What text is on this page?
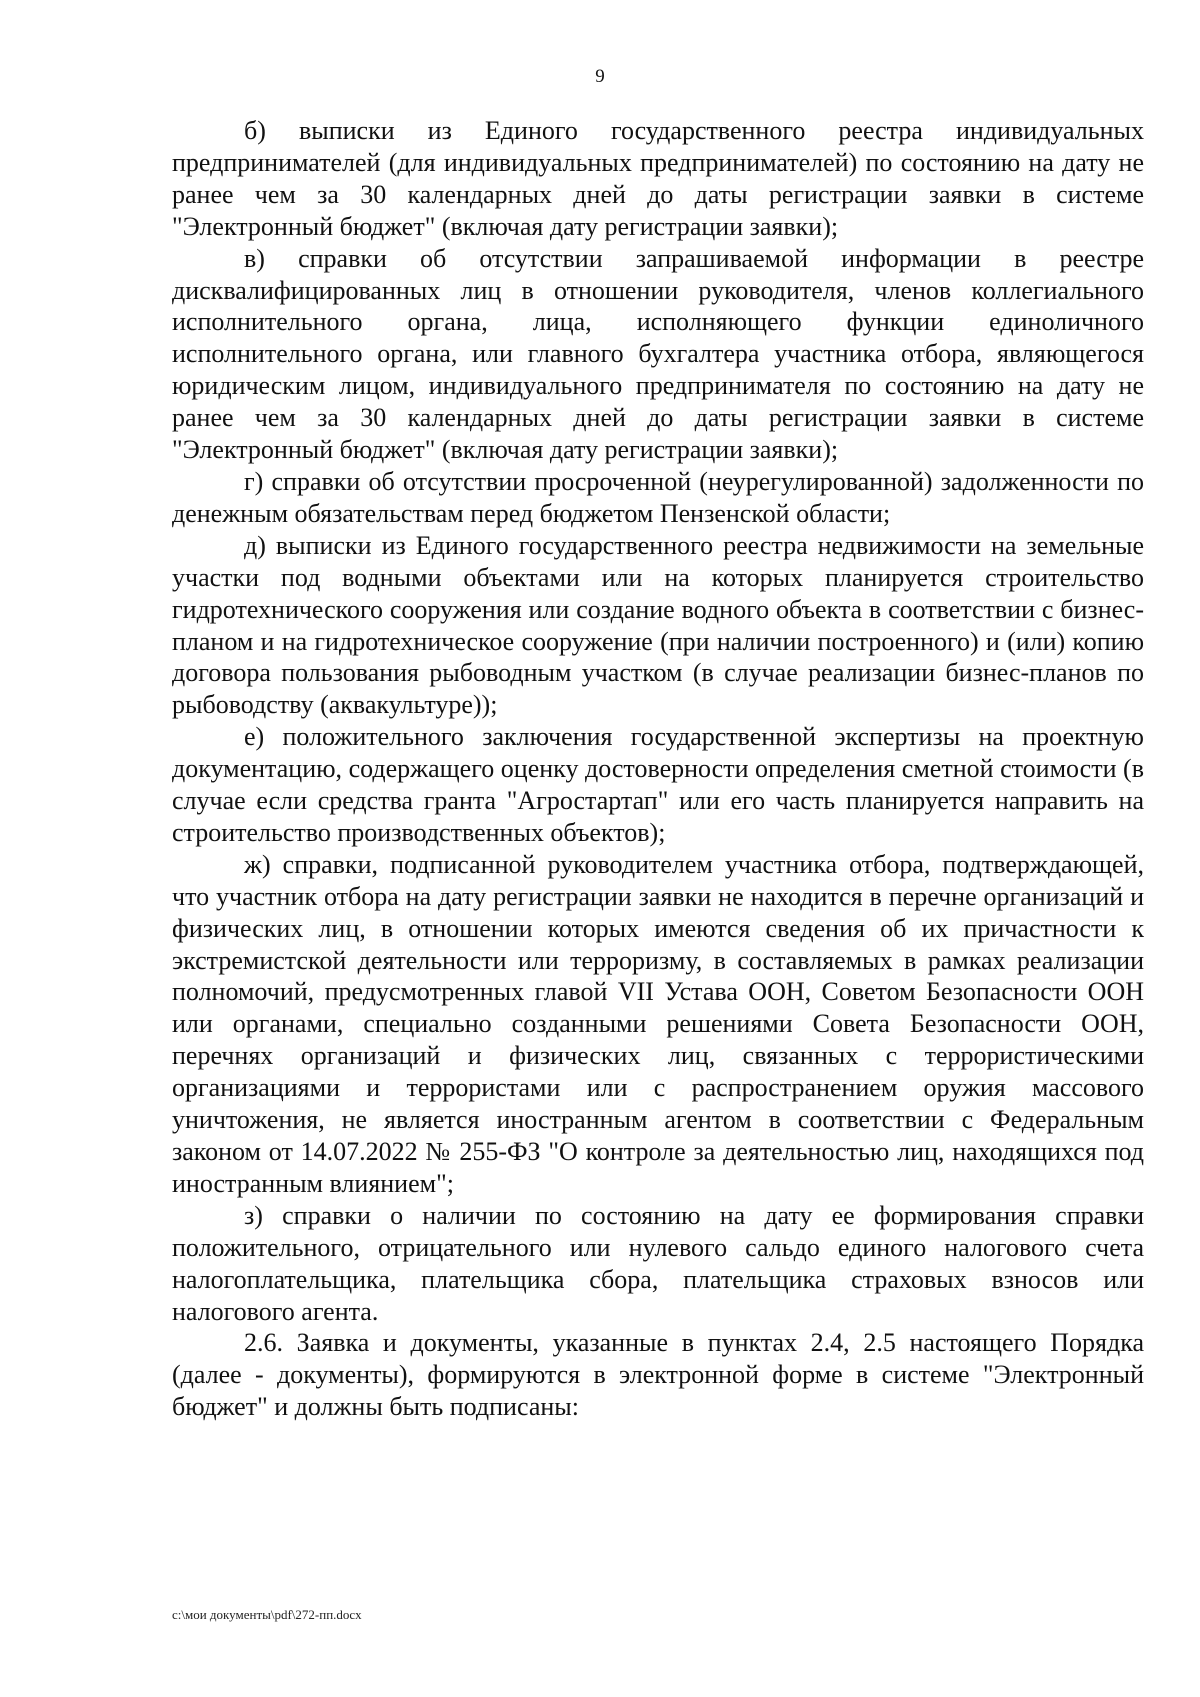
9

б) выписки из Единого государственного реестра индивидуальных предпринимателей (для индивидуальных предпринимателей) по состоянию на дату не ранее чем за 30 календарных дней до даты регистрации заявки в системе "Электронный бюджет" (включая дату регистрации заявки);

в) справки об отсутствии запрашиваемой информации в реестре дисквалифицированных лиц в отношении руководителя, членов коллегиального исполнительного органа, лица, исполняющего функции единоличного исполнительного органа, или главного бухгалтера участника отбора, являющегося юридическим лицом, индивидуального предпринимателя по состоянию на дату не ранее чем за 30 календарных дней до даты регистрации заявки в системе "Электронный бюджет" (включая дату регистрации заявки);

г) справки об отсутствии просроченной (неурегулированной) задолженности по денежным обязательствам перед бюджетом Пензенской области;

д) выписки из Единого государственного реестра недвижимости на земельные участки под водными объектами или на которых планируется строительство гидротехнического сооружения или создание водного объекта в соответствии с бизнес-планом и на гидротехническое сооружение (при наличии построенного) и (или) копию договора пользования рыбоводным участком (в случае реализации бизнес-планов по рыбоводству (аквакультуре));

е) положительного заключения государственной экспертизы на проектную документацию, содержащего оценку достоверности определения сметной стоимости (в случае если средства гранта "Агростартап" или его часть планируется направить на строительство производственных объектов);

ж) справки, подписанной руководителем участника отбора, подтверждающей, что участник отбора на дату регистрации заявки не находится в перечне организаций и физических лиц, в отношении которых имеются сведения об их причастности к экстремистской деятельности или терроризму, в составляемых в рамках реализации полномочий, предусмотренных главой VII Устава ООН, Советом Безопасности ООН или органами, специально созданными решениями Совета Безопасности ООН, перечнях организаций и физических лиц, связанных с террористическими организациями и террористами или с распространением оружия массового уничтожения, не является иностранным агентом в соответствии с Федеральным законом от 14.07.2022 № 255-ФЗ "О контроле за деятельностью лиц, находящихся под иностранным влиянием";

з) справки о наличии по состоянию на дату ее формирования справки положительного, отрицательного или нулевого сальдо единого налогового счета налогоплательщика, плательщика сбора, плательщика страховых взносов или налогового агента.

2.6. Заявка и документы, указанные в пунктах 2.4, 2.5 настоящего Порядка (далее - документы), формируются в электронной форме в системе "Электронный бюджет" и должны быть подписаны:

c:\мои документы\pdf\272-пп.docx
